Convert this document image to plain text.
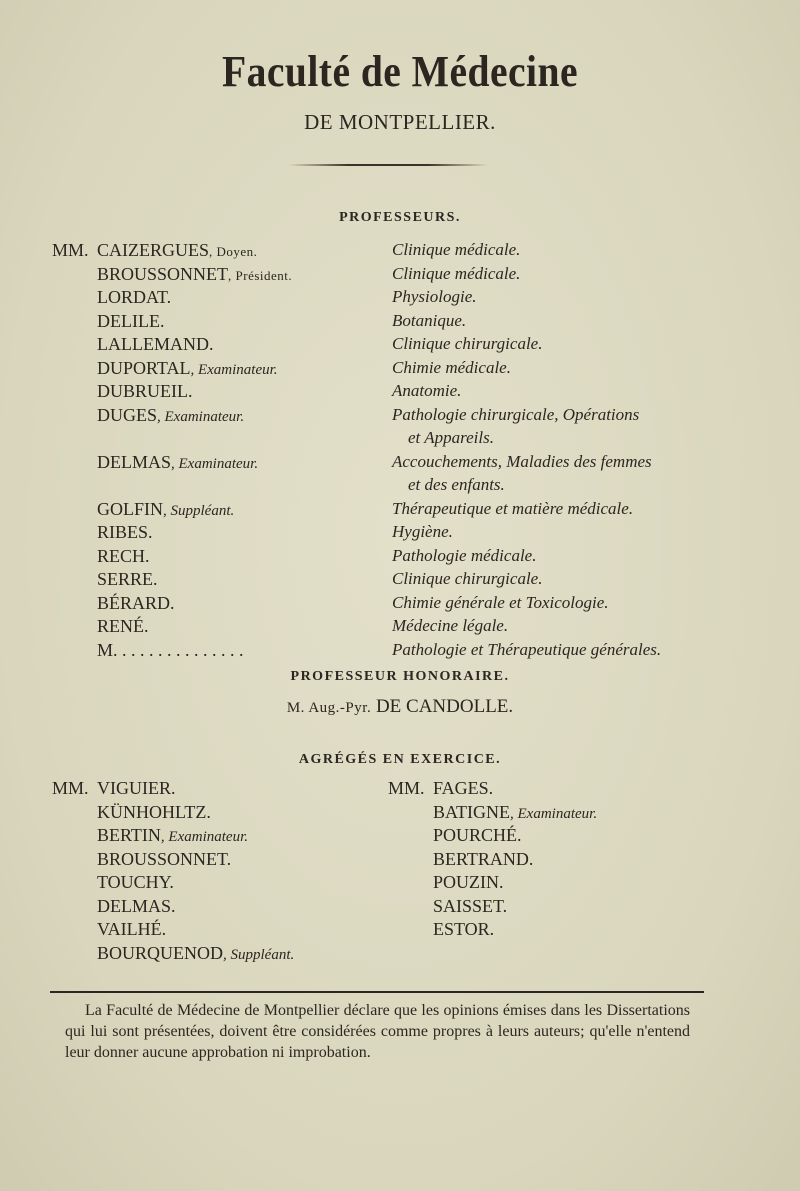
Faculté de Médecine
DE MONTPELLIER.
PROFESSEURS.
MM. CAIZERGUES, Doyen.	Clinique médicale.
BROUSSONNET, Président.	Clinique médicale.
LORDAT.	Physiologie.
DELILE.	Botanique.
LALLEMAND.	Clinique chirurgicale.
DUPORTAL, Examinateur.	Chimie médicale.
DUBRUEIL.	Anatomie.
DUGES, Examinateur.	Pathologie chirurgicale, Opérations
et Appareils.
DELMAS, Examinateur.	Accouchements, Maladies des femmes
et des enfants.
GOLFIN, Suppléant.	Thérapeutique et matière médicale.
RIBES.	Hygiène.
RECH.	Pathologie médicale.
SERRE.	Clinique chirurgicale.
BÉRARD.	Chimie générale et Toxicologie.
RENÉ.	Médecine légale.
M. . . . . . . . . . . . . . .	Pathologie et Thérapeutique générales.
PROFESSEUR HONORAIRE.
M. Aug.-Pyr. DE CANDOLLE.
AGRÉGÉS EN EXERCICE.
MM. VIGUIER.
KÜNHOHLTZ.
BERTIN, Examinateur.
BROUSSONNET.
TOUCHY.
DELMAS.
VAILHÉ.
BOURQUENOD, Suppléant.
MM. FAGES.
BATIGNE, Examinateur.
POURCHÉ.
BERTRAND.
POUZIN.
SAISSET.
ESTOR.
La Faculté de Médecine de Montpellier déclare que les opinions émises dans les Dissertations qui lui sont présentées, doivent être considérées comme propres à leurs auteurs; qu'elle n'entend leur donner aucune approbation ni improbation.
